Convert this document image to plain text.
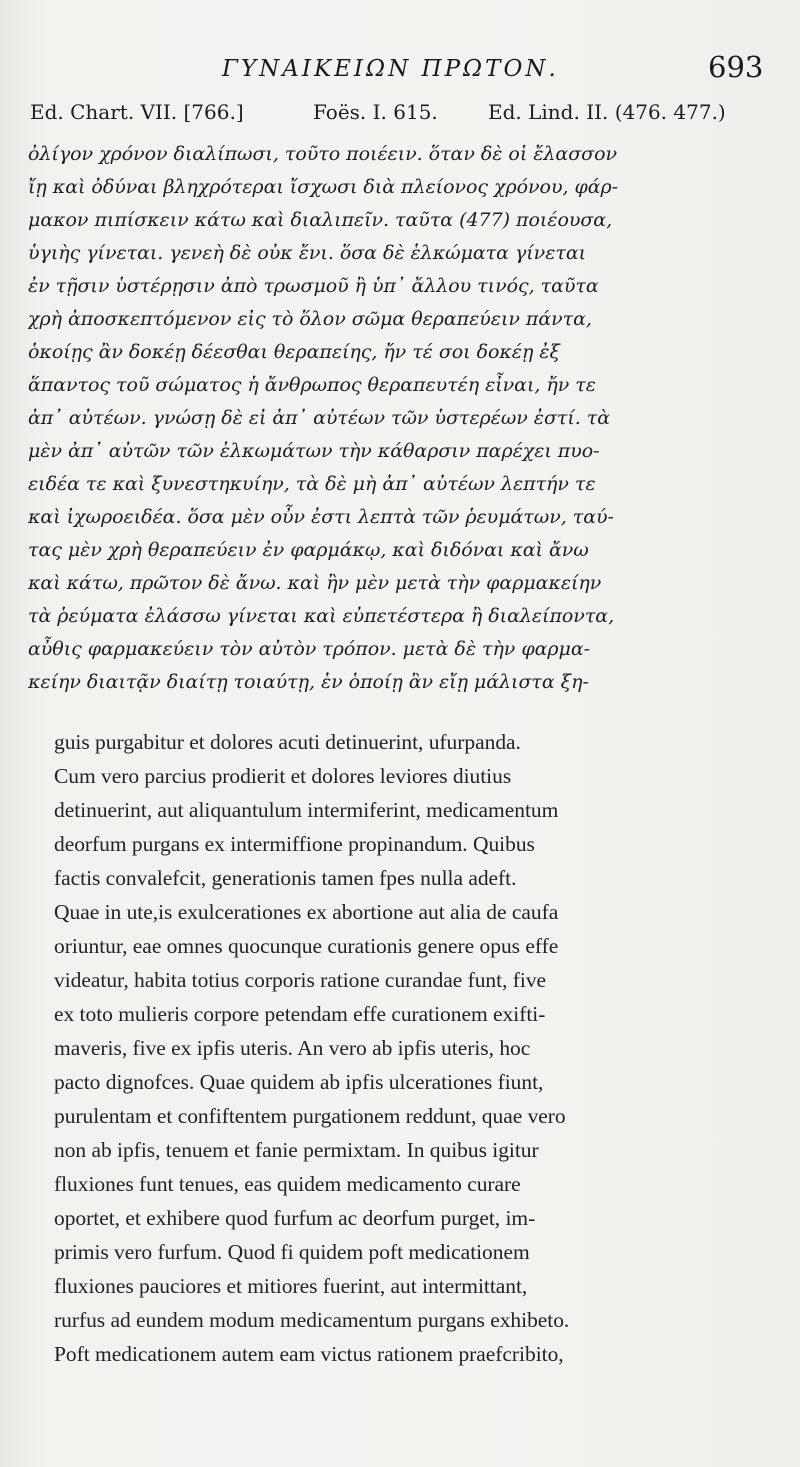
ΓΥΝΑΙΚΕΙΩΝ ΠΡΩΤΟΝ.	693
Ed. Chart. VII. [766.]	Foës. I. 615.	Ed. Lind. II. (476. 477.)
ὀλίγον χρόνον διαλίπωσι, τοῦτο ποιέειν. ὅταν δὲ οἱ ἔλασσον
ἴῃ καὶ ὀδύναι βληχρότεραι ἴσχωσι διὰ πλείονος χρόνου, φάρ-
μακον πιπίσκειν κάτω καὶ διαλιπεῖν. ταῦτα (477) ποιέουσα,
ὑγιὴς γίνεται. γενεὴ δὲ οὐκ ἔνι. ὅσα δὲ ἑλκώματα γίνεται
ἐν τῇσιν ὑστέρῃσιν ἀπὸ τρωσμοῦ ἢ ὑπ᾽ ἄλλου τινός, ταῦτα
χρὴ ἀποσκεπτόμενον εἰς τὸ ὅλον σῶμα θεραπεύειν πάντα,
ὁκοίῃς ἂν δοκέῃ δέεσθαι θεραπείης, ἤν τέ σοι δοκέῃ ἐξ
ἅπαντος τοῦ σώματος ἡ ἄνθρωπος θεραπευτέη εἶναι, ἤν τε
ἀπ᾽ αὐτέων. γνώσῃ δὲ εἰ ἀπ᾽ αὐτέων τῶν ὑστερέων ἐστί. τὰ
μὲν ἀπ᾽ αὐτῶν τῶν ἑλκωμάτων τὴν κάθαρσιν παρέχει πυο-
ειδέα τε καὶ ξυνεστηκυίην, τὰ δὲ μὴ ἀπ᾽ αὐτέων λεπτήν τε
καὶ ἰχωροειδέα. ὅσα μὲν οὖν ἐστι λεπτὰ τῶν ῥευμάτων, ταύ-
τας μὲν χρὴ θεραπεύειν ἐν φαρμάκῳ, καὶ διδόναι καὶ ἄνω
καὶ κάτω, πρῶτον δὲ ἄνω. καὶ ἢν μὲν μετὰ τὴν φαρμακείην
τὰ ῥεύματα ἐλάσσω γίνεται καὶ εὐπετέστερα ἢ διαλείποντα,
αὖθις φαρμακεύειν τὸν αὐτὸν τρόπον. μετὰ δὲ τὴν φαρμα-
κείην διαιτᾷν διαίτῃ τοιαύτῃ, ἐν ὁποίῃ ἂν εἴῃ μάλιστα ξη-
guis purgabitur et dolores acuti detinuerint, ufurpanda.
Cum vero parcius prodierit et dolores leviores diutius
detinuerint, aut aliquantulum intermiferint, medicamentum
deorfum purgans ex intermiffione propinandum. Quibus
factis convalefcit, generationis tamen fpes nulla adeft.
Quae in ute,is exulcerationes ex abortione aut alia de caufa
oriuntur, eae omnes quocunque curationis genere opus effe
videatur, habita totius corporis ratione curandae funt, five
ex toto mulieris corpore petendam effe curationem exifti-
maveris, five ex ipfis uteris. An vero ab ipfis uteris, hoc
pacto dignofces. Quae quidem ab ipfis ulcerationes fiunt,
purulentam et confiftentem purgationem reddunt, quae vero
non ab ipfis, tenuem et fanie permixtam. In quibus igitur
fluxiones funt tenues, eas quidem medicamento curare
oportet, et exhibere quod furfum ac deorfum purget, im-
primis vero furfum. Quod fi quidem poft medicationem
fluxiones pauciores et mitiores fuerint, aut intermittant,
rurfus ad eundem modum medicamentum purgans exhibeto.
Poft medicationem autem eam victus rationem praefcribito,
